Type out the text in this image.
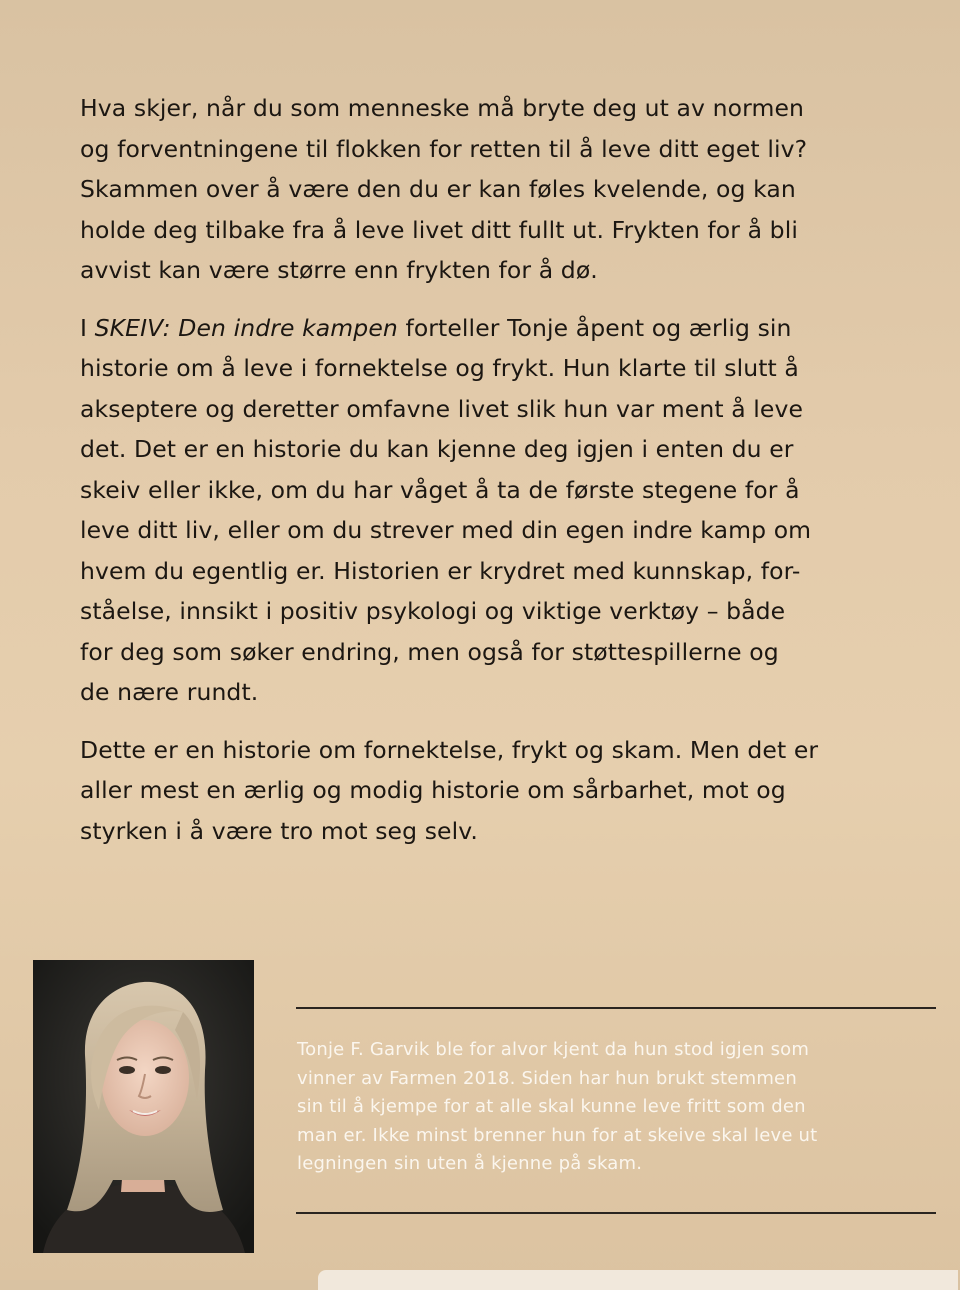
Hva skjer, når du som menneske må bryte deg ut av normen
og forventningene til flokken for retten til å leve ditt eget liv?
Skammen over å være den du er kan føles kvelende, og kan
holde deg tilbake fra å leve livet ditt fullt ut. Frykten for å bli
avvist kan være større enn frykten for å dø.

I SKEIV: Den indre kampen forteller Tonje åpent og ærlig sin
historie om å leve i fornektelse og frykt. Hun klarte til slutt å
akseptere og deretter omfavne livet slik hun var ment å leve
det. Det er en historie du kan kjenne deg igjen i enten du er
skeiv eller ikke, om du har våget å ta de første stegene for å
leve ditt liv, eller om du strever med din egen indre kamp om
hvem du egentlig er. Historien er krydret med kunnskap, for-
ståelse, innsikt i positiv psykologi og viktige verktøy – både
for deg som søker endring, men også for støttespillerne og
de nære rundt.

Dette er en historie om fornektelse, frykt og skam. Men det er
aller mest en ærlig og modig historie om sårbarhet, mot og
styrken i å være tro mot seg selv.

Tonje F. Garvik ble for alvor kjent da hun stod igjen som
vinner av Farmen 2018. Siden har hun brukt stemmen
sin til å kjempe for at alle skal kunne leve fritt som den
man er. Ikke minst brenner hun for at skeive skal leve ut
legningen sin uten å kjenne på skam.
